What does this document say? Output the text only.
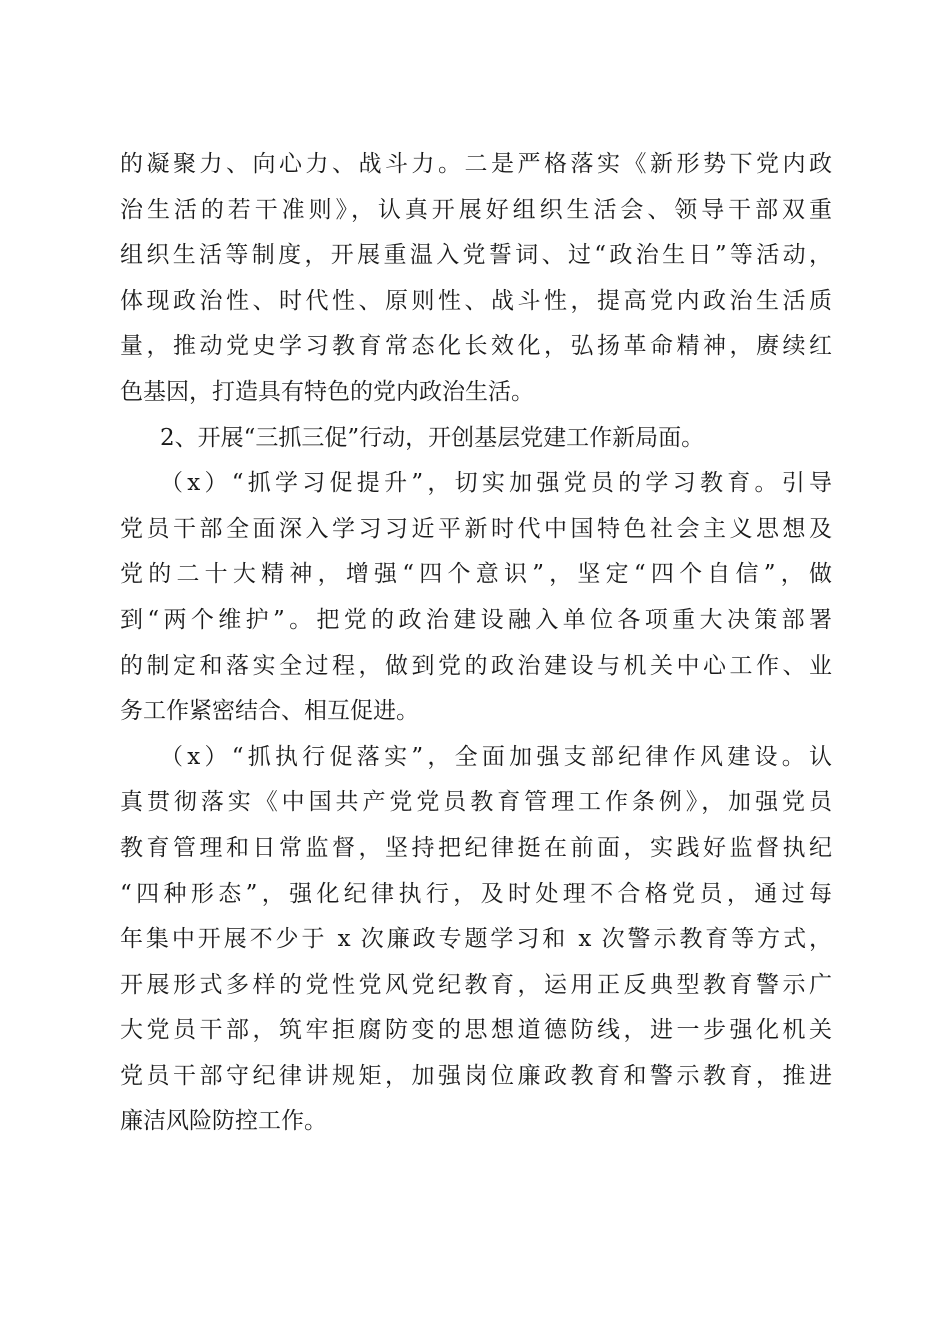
的凝聚力、向心力、战斗力。二是严格落实《新形势下党内政
治生活的若干准则》，认真开展好组织生活会、领导干部双重
组织生活等制度，开展重温入党誓词、过“政治生日”等活动，
体现政治性、时代性、原则性、战斗性，提高党内政治生活质
量，推动党史学习教育常态化长效化，弘扬革命精神，赓续红
色基因，打造具有特色的党内政治生活。
2、开展“三抓三促”行动，开创基层党建工作新局面。
（x）“抓学习促提升”，切实加强党员的学习教育。引导
党员干部全面深入学习习近平新时代中国特色社会主义思想及
党的二十大精神，增强“四个意识”，坚定“四个自信”，做
到“两个维护”。把党的政治建设融入单位各项重大决策部署
的制定和落实全过程，做到党的政治建设与机关中心工作、业
务工作紧密结合、相互促进。
（x）“抓执行促落实”，全面加强支部纪律作风建设。认
真贯彻落实《中国共产党党员教育管理工作条例》，加强党员
教育管理和日常监督，坚持把纪律挺在前面，实践好监督执纪
“四种形态”，强化纪律执行，及时处理不合格党员，通过每
年集中开展不少于 x 次廉政专题学习和 x 次警示教育等方式，
开展形式多样的党性党风党纪教育，运用正反典型教育警示广
大党员干部，筑牢拒腐防变的思想道德防线，进一步强化机关
党员干部守纪律讲规矩，加强岗位廉政教育和警示教育，推进
廉洁风险防控工作。
